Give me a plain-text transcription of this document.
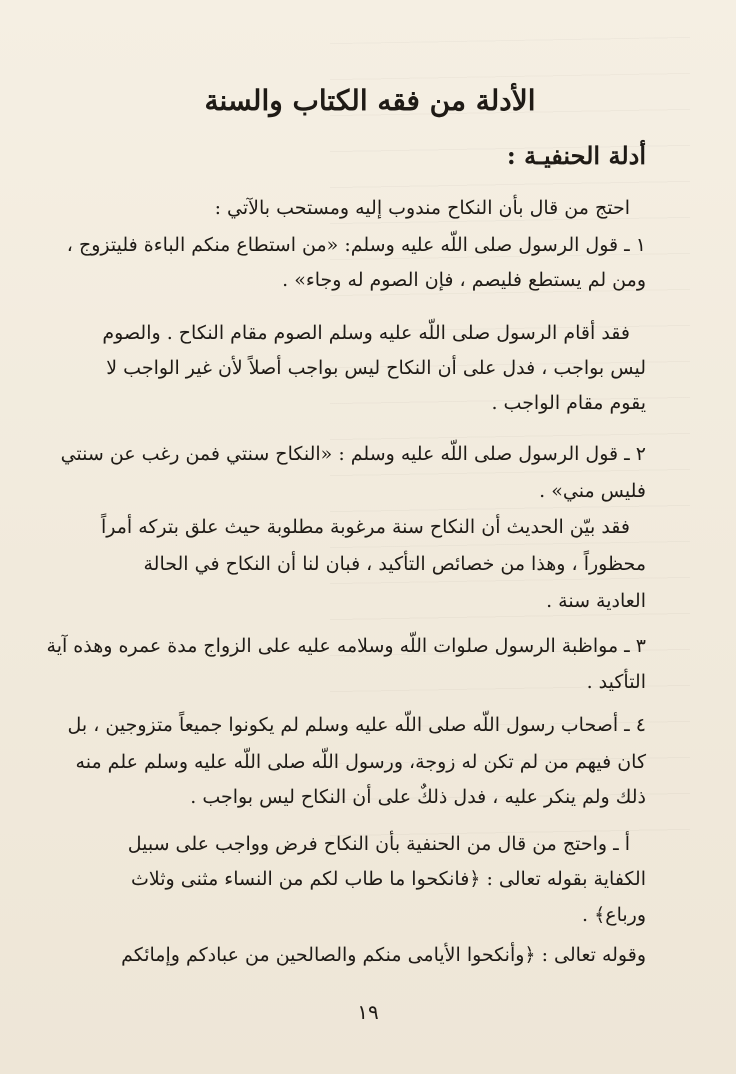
الأدلة من فقه الكتاب والسنة
أدلة الحنفيـة :
احتج من قال بأن النكاح مندوب إليه ومستحب بالآتي :
١ ـ قول الرسول صلى اللّه عليه وسلم: «من استطاع منكم الباءة فليتزوج ،
ومن لم يستطع فليصم ، فإن الصوم له وجاء» .
فقد أقام الرسول صلى اللّه عليه وسلم الصوم مقام النكاح . والصوم
ليس بواجب ، فدل على أن النكاح ليس بواجب أصلاً لأن غير الواجب لا
يقوم مقام الواجب .
٢ ـ قول الرسول صلى اللّه عليه وسلم : «النكاح سنتي فمن رغب عن سنتي
فليس مني» .
فقد بيّن الحديث أن النكاح سنة مرغوبة مطلوبة حيث علق بتركه أمراً
محظوراً ، وهذا من خصائص التأكيد ، فبان لنا أن النكاح في الحالة
العادية سنة .
٣ ـ مواظبة الرسول صلوات اللّه وسلامه عليه على الزواج مدة عمره وهذه آية
التأكيد .
٤ ـ أصحاب رسول اللّه صلى اللّه عليه وسلم لم يكونوا جميعاً متزوجين ، بل
كان فيهم من لم تكن له زوجة، ورسول اللّه صلى اللّه عليه وسلم علم منه
ذلك ولم ينكر عليه ، فدل ذلكٌ على أن النكاح ليس بواجب .
أ ـ واحتج من قال من الحنفية بأن النكاح فرض وواجب على سبيل
الكفاية بقوله تعالى : ﴿فانكحوا ما طاب لكم من النساء مثنى وثلاث
ورباع﴾ .
وقوله تعالى : ﴿وأنكحوا الأيامى منكم والصالحين من عبادكم وإمائكم
١٩
